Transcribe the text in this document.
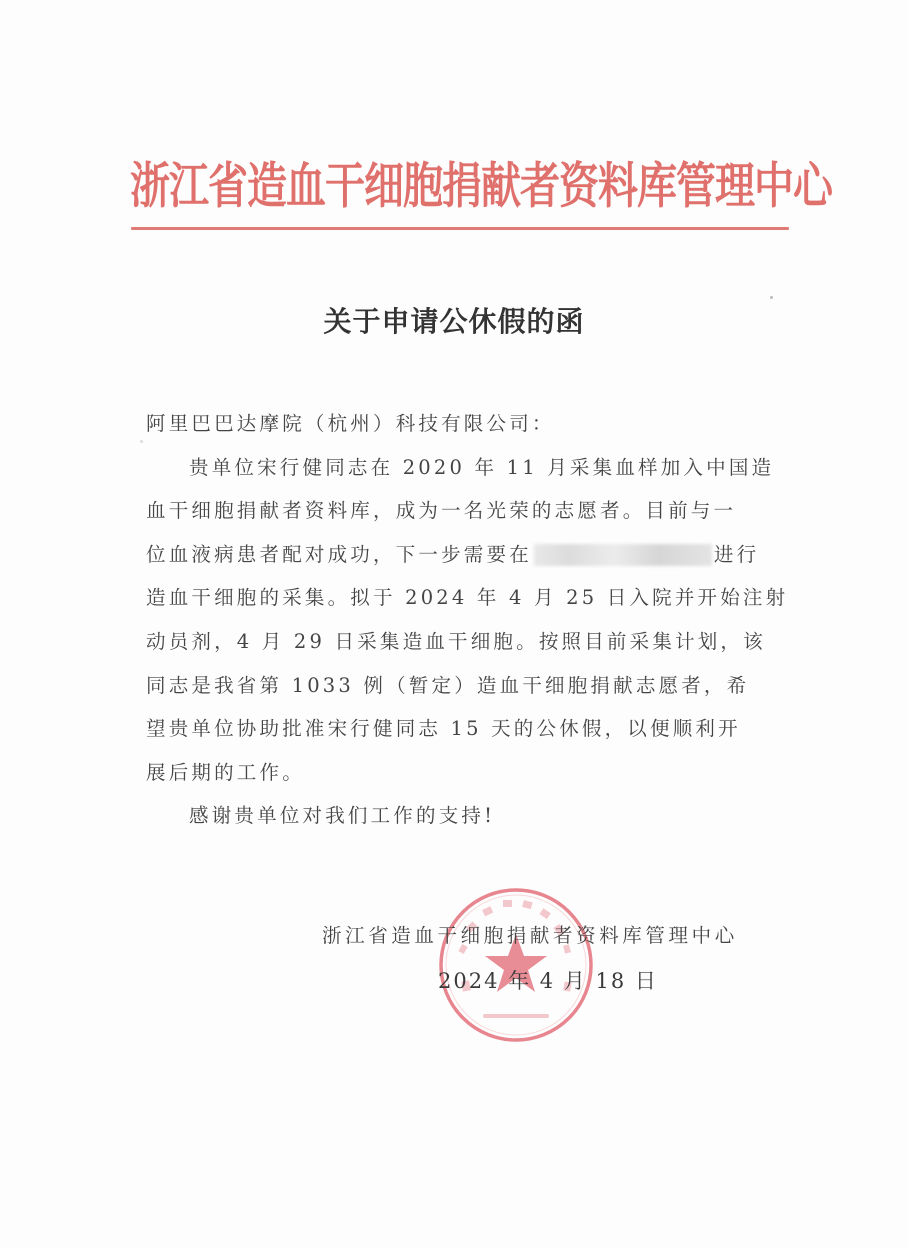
浙江省造血干细胞捐献者资料库管理中心
关于申请公休假的函

阿里巴巴达摩院（杭州）科技有限公司：

贵单位宋行健同志在 2020 年 11 月采集血样加入中国造

血干细胞捐献者资料库，成为一名光荣的志愿者。目前与一

位血液病患者配对成功，下一步需要在	进行

造血干细胞的采集。拟于 2024 年 4 月 25 日入院并开始注射

动员剂，4 月 29 日采集造血干细胞。按照目前采集计划，该

同志是我省第 1033 例（暂定）造血干细胞捐献志愿者，希

望贵单位协助批准宋行健同志 15 天的公休假，以便顺利开

展后期的工作。

感谢贵单位对我们工作的支持!

浙江省造血干细胞捐献者资料库管理中心
2024 年 4 月 18 日
